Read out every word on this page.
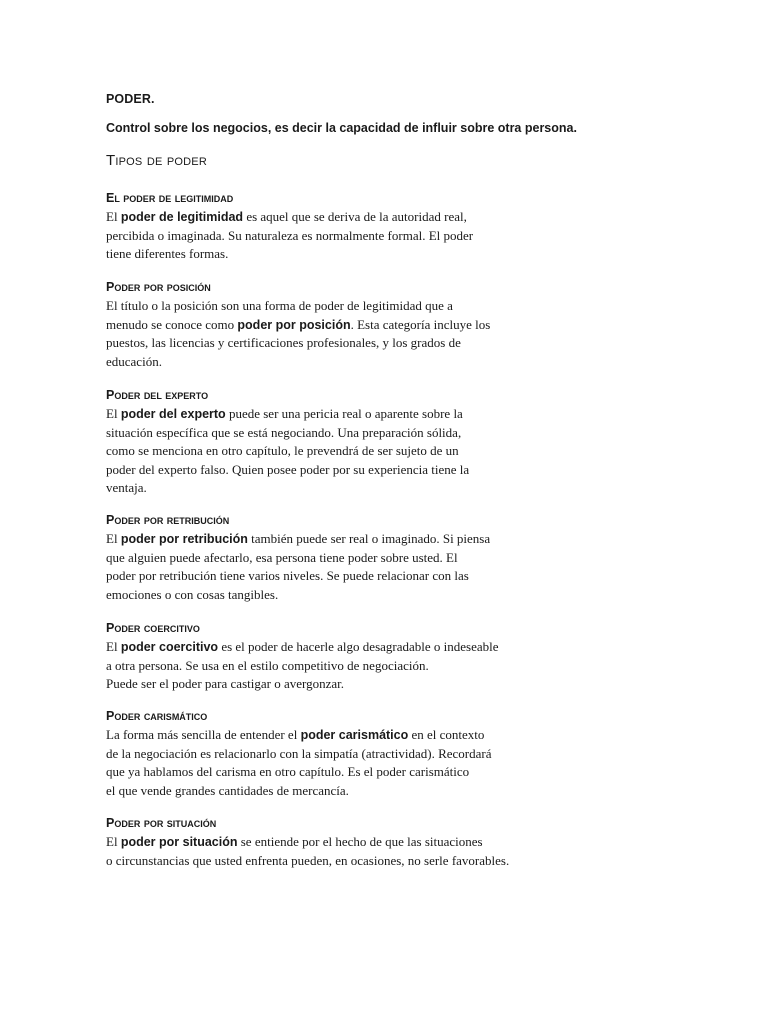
PODER.
Control sobre los negocios, es decir la capacidad de influir sobre otra persona.
Tipos de poder
El poder de legitimidad
El poder de legitimidad es aquel que se deriva de la autoridad real,
percibida o imaginada. Su naturaleza es normalmente formal. El poder
tiene diferentes formas.
Poder por posición
El título o la posición son una forma de poder de legitimidad que a
menudo se conoce como poder por posición. Esta categoría incluye los
puestos, las licencias y certificaciones profesionales, y los grados de
educación.
Poder del experto
El poder del experto puede ser una pericia real o aparente sobre la
situación específica que se está negociando. Una preparación sólida,
como se menciona en otro capítulo, le prevendrá de ser sujeto de un
poder del experto falso. Quien posee poder por su experiencia tiene la
ventaja.
Poder por retribución
El poder por retribución también puede ser real o imaginado. Si piensa
que alguien puede afectarlo, esa persona tiene poder sobre usted. El
poder por retribución tiene varios niveles. Se puede relacionar con las
emociones o con cosas tangibles.
Poder coercitivo
El poder coercitivo es el poder de hacerle algo desagradable o indeseable
a otra persona. Se usa en el estilo competitivo de negociación.
Puede ser el poder para castigar o avergonzar.
Poder carismático
La forma más sencilla de entender el poder carismático en el contexto
de la negociación es relacionarlo con la simpatía (atractividad). Recordará
que ya hablamos del carisma en otro capítulo. Es el poder carismático
el que vende grandes cantidades de mercancía.
Poder por situación
El poder por situación se entiende por el hecho de que las situaciones
o circunstancias que usted enfrenta pueden, en ocasiones, no serle favorables.
